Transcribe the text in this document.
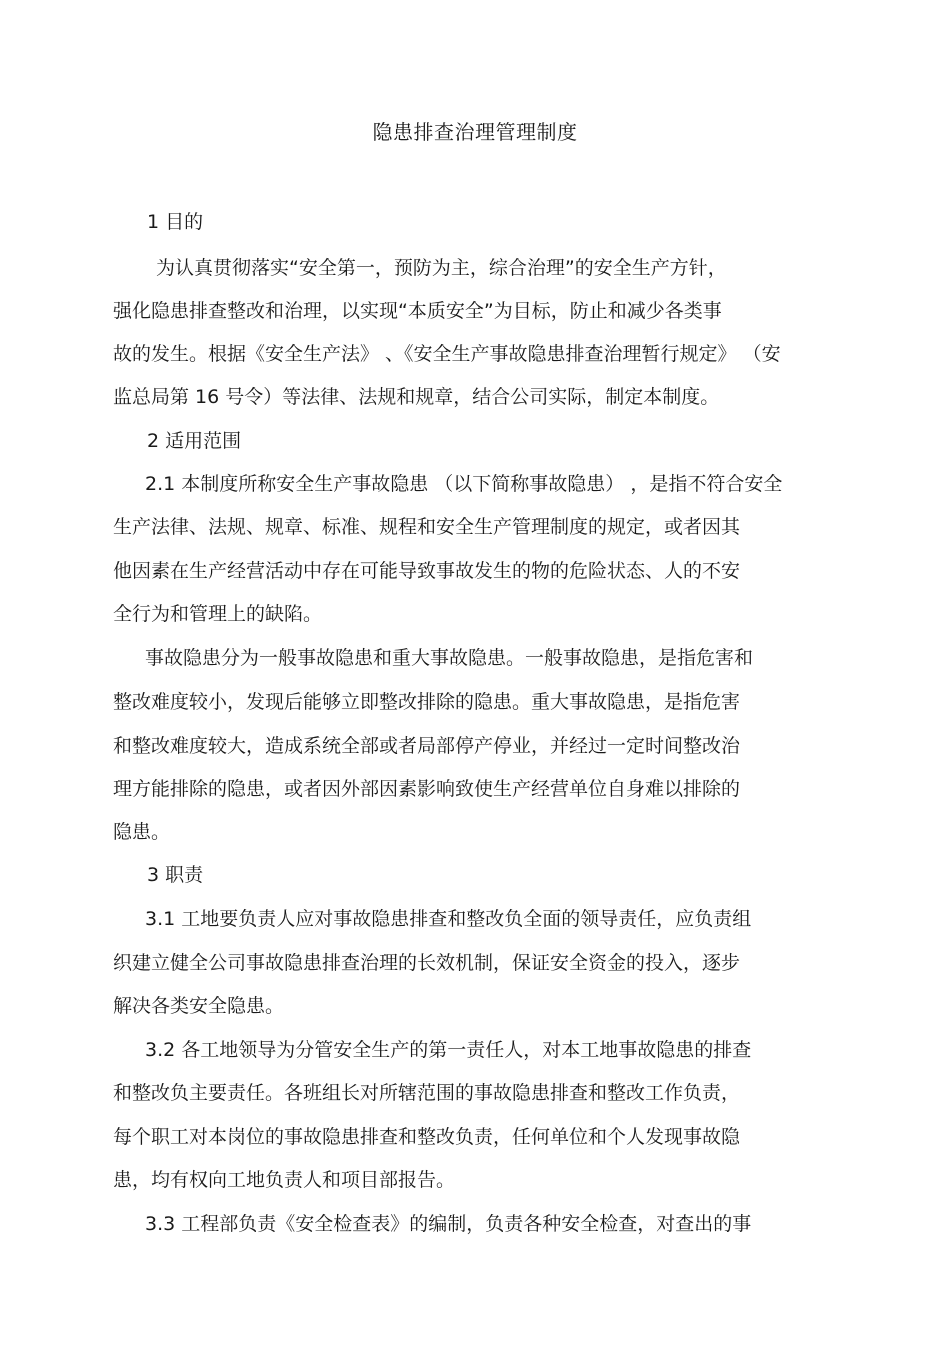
隐患排查治理管理制度
1 目的
为认真贯彻落实“安全第一，预防为主，综合治理”的安全生产方针，
强化隐患排查整改和治理，以实现“本质安全”为目标，防止和减少各类事
故的发生。根据《安全生产法》 、《安全生产事故隐患排查治理暂行规定》 （安
监总局第 16 号令）等法律、法规和规章，结合公司实际，制定本制度。
2 适用范围
2.1 本制度所称安全生产事故隐患 （以下简称事故隐患） ，是指不符合安全
生产法律、法规、规章、标准、规程和安全生产管理制度的规定，或者因其
他因素在生产经营活动中存在可能导致事故发生的物的危险状态、人的不安
全行为和管理上的缺陷。
事故隐患分为一般事故隐患和重大事故隐患。一般事故隐患，是指危害和
整改难度较小，发现后能够立即整改排除的隐患。重大事故隐患，是指危害
和整改难度较大，造成系统全部或者局部停产停业，并经过一定时间整改治
理方能排除的隐患，或者因外部因素影响致使生产经营单位自身难以排除的
隐患。
3 职责
3.1 工地要负责人应对事故隐患排查和整改负全面的领导责任，应负责组
织建立健全公司事故隐患排查治理的长效机制，保证安全资金的投入，逐步
解决各类安全隐患。
3.2 各工地领导为分管安全生产的第一责任人，对本工地事故隐患的排查
和整改负主要责任。各班组长对所辖范围的事故隐患排查和整改工作负责，
每个职工对本岗位的事故隐患排查和整改负责，任何单位和个人发现事故隐
患，均有权向工地负责人和项目部报告。
3.3 工程部负责《安全检查表》的编制，负责各种安全检查，对查出的事
